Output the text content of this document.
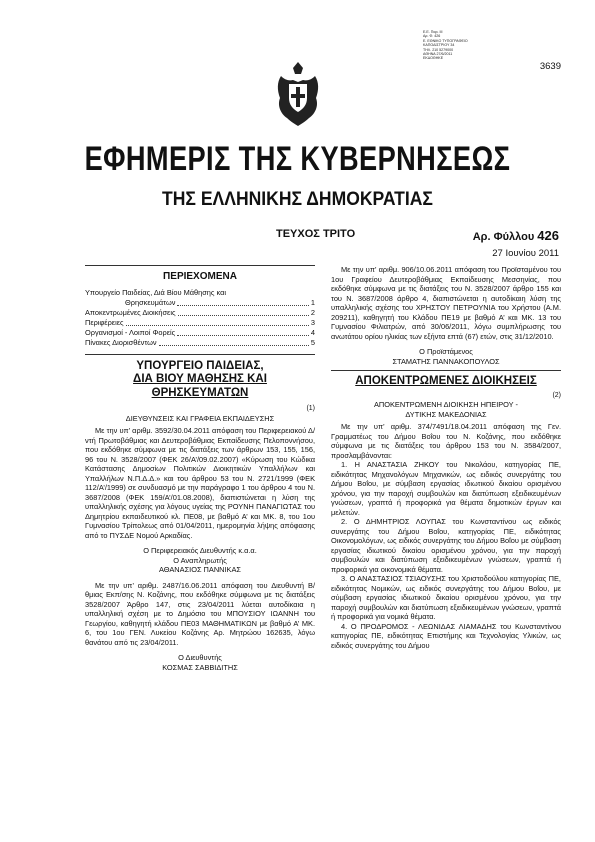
Ε.Ε. Παρ. ΙΙΙ
Αρ. Φ. 426
Ε. ΕΘΝΙΚΟ ΤΥΠΟΓΡΑΦΕΙΟ
ΚΑΠΟΔΙΣΤΡΙΟΥ 34
ΤΗΛ. 210 5279000
ΑΘΗΝΑ 27/6/2011
ΕΚΔΟΘΗΚΕ
3639
ΕΦΗΜΕΡΙΣ ΤΗΣ ΚΥΒΕΡΝΗΣΕΩΣ
ΤΗΣ ΕΛΛΗΝΙΚΗΣ ΔΗΜΟΚΡΑΤΙΑΣ
ΤΕΥΧΟΣ ΤΡΙΤΟ	Αρ. Φύλλου 426
27 Ιουνίου 2011
ΠΕΡΙΕΧΟΜΕΝΑ
Υπουργείο Παιδείας, Διά Βίου Μάθησης και
Θρησκευμάτων	1
Αποκεντρωμένες Διοικήσεις	2
Περιφέρειες	3
Οργανισμοί - Λοιποί Φορείς	4
Πίνακες Διορισθέντων	5
ΥΠΟΥΡΓΕΙΟ ΠΑΙΔΕΙΑΣ,
ΔΙΑ ΒΙΟΥ ΜΑΘΗΣΗΣ ΚΑΙ ΘΡΗΣΚΕΥΜΑΤΩΝ
(1)
ΔΙΕΥΘΥΝΣΕΙΣ ΚΑΙ ΓΡΑΦΕΙΑ ΕΚΠΑΙΔΕΥΣΗΣ

Με την υπ’ αριθμ. 3592/30.04.2011 απόφαση του Περιφερειακού Δ/ντή Πρωτοβάθμιας και Δευτεροβάθμιας Εκπαίδευσης Πελοποννήσου, που εκδόθηκε σύμφωνα με τις διατάξεις των άρθρων 153, 155, 156, 96 του Ν. 3528/2007 (ΦΕΚ 26/Α’/09.02.2007) «Κύρωση του Κώδικα Κατάστασης Δημοσίων Πολιτικών Διοικητικών Υπαλλήλων και Υπαλλήλων Ν.Π.Δ.Δ.» και του άρθρου 53 του Ν. 2721/1999 (ΦΕΚ 112/Α’/1999) σε συνδυασμό με την παράγραφο 1 του άρθρου 4 του Ν. 3687/2008 (ΦΕΚ 159/Α’/01.08.2008), διαπιστώνεται η λύση της υπαλληλικής σχέσης για λόγους υγείας της ΡΟΥΝΗ ΠΑΝΑΓΙΩΤΑΣ του Δημητρίου εκπαιδευτικού κλ. ΠΕ08, με βαθμό Α’ και ΜΚ. 8, του 1ου Γυμνασίου Τρίπολεως από 01/04/2011, ημερομηνία λήψης απόφασης από το ΠΥΣΔΕ Νομού Αρκαδίας.

Ο Περιφερειακός Διευθυντής κ.α.α.
Ο Αναπληρωτής
ΑΘΑΝΑΣΙΟΣ ΠΑΝΝΙΚΑΣ

Με την υπ’ αριθμ. 2487/16.06.2011 απόφαση του Διευθυντή Β/θμιας Εκπ/σης Ν. Κοζάνης, που εκδόθηκε σύμφωνα με τις διατάξεις 3528/2007 Άρθρο 147, στις 23/04/2011 λύεται αυτοδίκαια η υπαλληλική σχέση με το Δημόσιο του ΜΠΟΥΣΙΟΥ ΙΩΑΝΝΗ του Γεωργίου, καθηγητή κλάδου ΠΕ03 ΜΑΘΗΜΑΤΙΚΩΝ με βαθμό Α’ ΜΚ. 6, του 1ου ΓΕΝ. Λυκείου Κοζάνης Αρ. Μητρώου 162635, λόγω θανάτου από τις 23/04/2011.

Ο Διευθυντής
ΚΟΣΜΑΣ ΣΑΒΒΙΔΙΤΗΣ

Με την υπ’ αριθμ. 906/10.06.2011 απόφαση του Προϊσταμένου του 1ου Γραφείου Δευτεροβάθμιας Εκπαίδευσης Μεσσηνίας, που εκδόθηκε σύμφωνα με τις διατάξεις του Ν. 3528/2007 άρθρο 155 και του Ν. 3687/2008 άρθρο 4, διαπιστώνεται η αυτοδίκαιη λύση της υπαλληλικής σχέσης του ΧΡΗΣΤΟΥ ΠΕΤΡΟΥΝΙΑ του Χρήστου (Α.Μ. 209211), καθηγητή του Κλάδου ΠΕ19 με βαθμό Α’ και ΜΚ. 13 του Γυμνασίου Φιλιατρών, από 30/06/2011, λόγω συμπλήρωσης του ανωτάτου ορίου ηλικίας των εξήντα επτά (67) ετών, στις 31/12/2010.

Ο Προϊστάμενος
ΣΤΑΜΑΤΗΣ ΠΑΝΝΑΚΟΠΟΥΛΟΣ
ΑΠΟΚΕΝΤΡΩΜΕΝΕΣ ΔΙΟΙΚΗΣΕΙΣ
(2)
ΑΠΟΚΕΝΤΡΩΜΕΝΗ ΔΙΟΙΚΗΣΗ ΗΠΕΙΡΟΥ -
ΔΥΤΙΚΗΣ ΜΑΚΕΔΟΝΙΑΣ

Με την υπ’ αριθμ. 374/7491/18.04.2011 απόφαση της Γεν. Γραμματέως του Δήμου Βοΐου του Ν. Κοζάνης, που εκδόθηκε σύμφωνα με τις διατάξεις του άρθρου 153 του Ν. 3584/2007, προσλαμβάνονται:

1. Η ΑΝΑΣΤΑΣΙΑ ΖΗΚΟΥ του Νικολάου, κατηγορίας ΠΕ, ειδικότητας Μηχανολόγων Μηχανικών, ως ειδικός συνεργάτης του Δήμου Βοΐου, με σύμβαση εργασίας ιδιωτικού δικαίου ορισμένου χρόνου, για την παροχή συμβουλών και διατύπωση εξειδικευμένων γνώσεων, γραπτά ή προφορικά για θέματα δημοτικών έργων και μελετών.

2. Ο ΔΗΜΗΤΡΙΟΣ ΛΟΥΠΑΣ του Κωνσταντίνου ως ειδικός συνεργάτης του Δήμου Βοΐου, κατηγορίας ΠΕ, ειδικότητας Οικονομολόγων, ως ειδικός συνεργάτης του Δήμου Βοΐου με σύμβαση εργασίας ιδιωτικού δικαίου ορισμένου χρόνου, για την παροχή συμβουλών και διατύπωση εξειδικευμένων γνώσεων, γραπτά ή προφορικά για οικονομικά θέματα.

3. Ο ΑΝΑΣΤΑΣΙΟΣ ΤΣΙΑΟΥΣΗΣ του Χριστοδούλου κατηγορίας ΠΕ, ειδικότητας Νομικών, ως ειδικός συνεργάτης του Δήμου Βοΐου, με σύμβαση εργασίας ιδιωτικού δικαίου ορισμένου χρόνου, για την παροχή συμβουλών και διατύπωση εξειδικευμένων γνώσεων, γραπτά ή προφορικά για νομικά θέματα.

4. Ο ΠΡΟΔΡΟΜΟΣ - ΛΕΩΝΙΔΑΣ ΛΙΑΜΑΔΗΣ του Κωνσταντίνου κατηγορίας ΠΕ, ειδικότητας Επιστήμης και Τεχνολογίας Υλικών, ως ειδικός συνεργάτης του Δήμου
